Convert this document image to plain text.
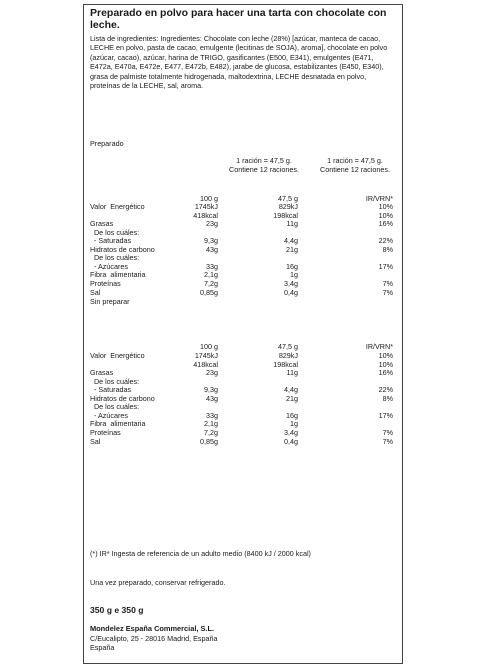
Preparado en polvo para hacer una tarta con chocolate con leche.
Lista de ingredientes: Ingredientes: Chocolate con leche (28%) [azúcar, manteca de cacao, LECHE en polvo, pasta de cacao, emulgente (lecitinas de SOJA), aroma], chocolate en polvo (azúcar, cacao), azúcar, harina de TRIGO, gasificantes (E500, E341), emulgentes (E471, E472a, E470a, E472e, E477, E472b, E482), jarabe de glucosa, estabilizantes (E450, E340), grasa de palmiste totalmente hidrogenada, maltodextrina, LECHE desnatada en polvo, proteínas de la LECHE, sal, aroma.
Preparado
1 ración = 47,5 g.
Contiene 12 raciones.
1 ración = 47,5 g.
Contiene 12 raciones.
100 g	47,5 g	IR/VRN*
Valor  Energético	1745kJ	829kJ	10%
418kcal	198kcal	10%
Grasas	23g	11g	16%
De los cuáles:
- Saturadas	9,3g	4,4g	22%
Hidratos de carbono	43g	21g	8%
De los cuáles:
- Azúcares	33g	16g	17%
Fibra  alimentaria	2,1g	1g
Proteínas	7,2g	3,4g	7%
Sal	0,85g	0,4g	7%
Sin preparar
100 g	47,5 g	IR/VRN*
Valor  Energético	1745kJ	829kJ	10%
418kcal	198kcal	10%
Grasas	23g	11g	16%
De los cuáles:
- Saturadas	9,3g	4,4g	22%
Hidratos de carbono	43g	21g	8%
De los cuáles:
- Azúcares	33g	16g	17%
Fibra  alimentaria	2,1g	1g
Proteínas	7,2g	3,4g	7%
Sal	0,85g	0,4g	7%
(*) IR* Ingesta de referencia de un adulto medio (8400 kJ / 2000 kcal)
Una vez preparado, conservar refrigerado.
350 g e 350 g
Mondelez España Commercial, S.L.
C/Eucalipto, 25 - 28016 Madrid, España
España
